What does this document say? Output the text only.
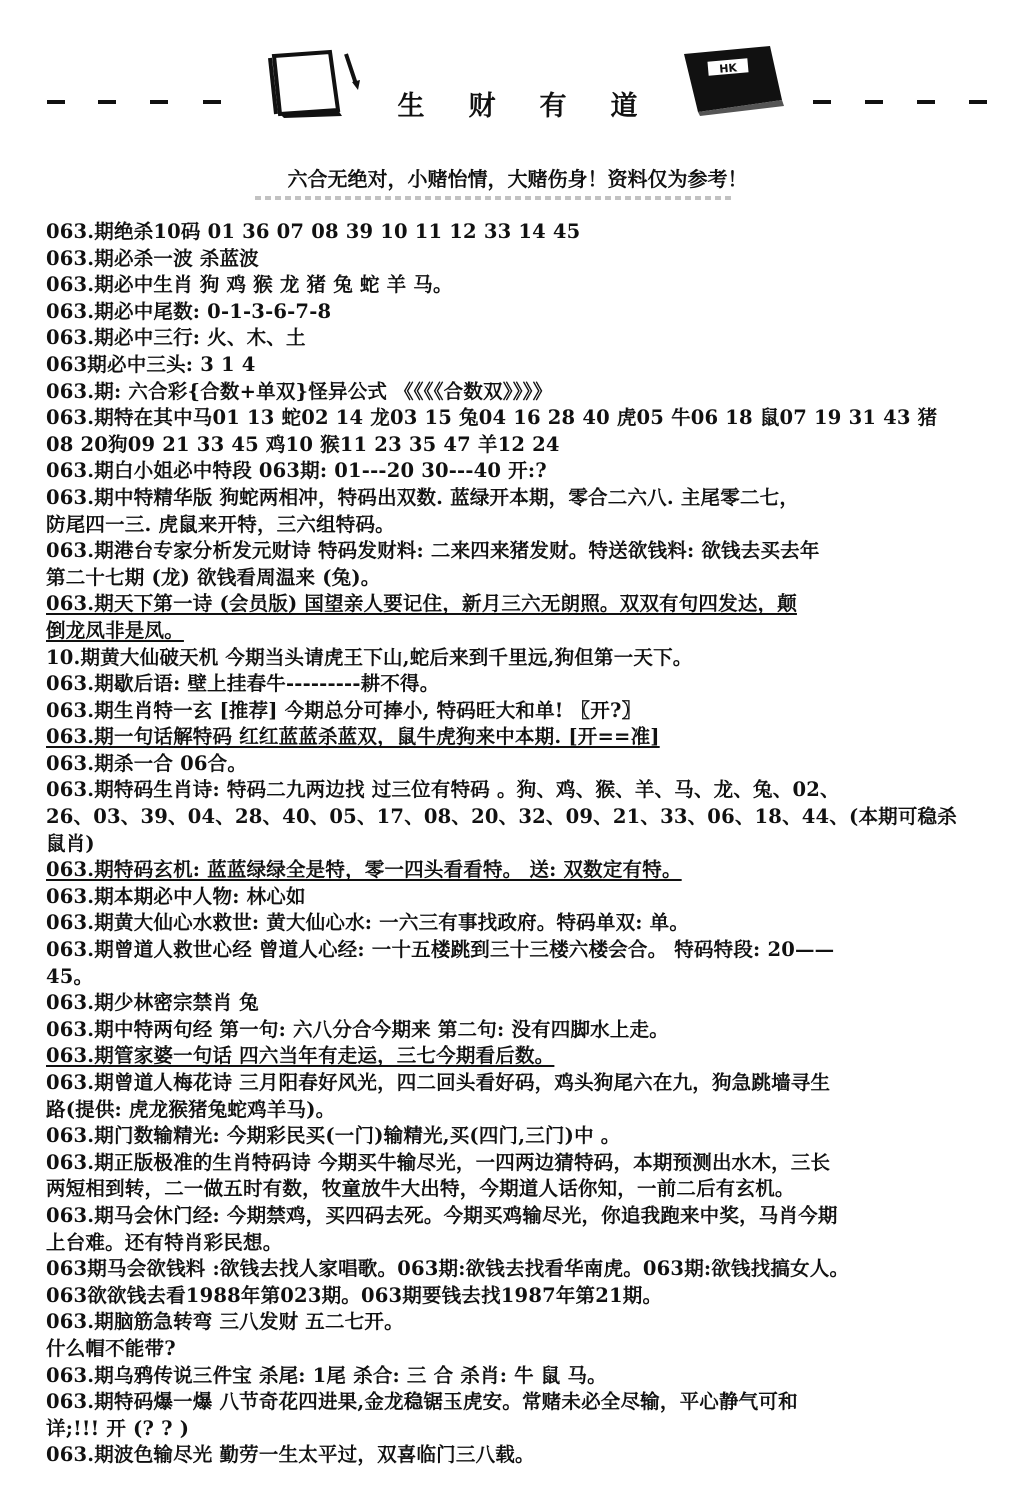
生财有道
HK
六合无绝对，小赌怡情，大赌伤身！资料仅为参考！
063.期绝杀10码 01 36 07 08 39 10 11 12 33 14 45
063.期必杀一波 杀蓝波
063.期必中生肖 狗 鸡 猴 龙 猪 兔 蛇 羊 马。
063.期必中尾数: 0-1-3-6-7-8
063.期必中三行: 火、木、土
063期必中三头: 3 1 4
063.期: 六合彩{合数+单双}怪异公式 《《《《合数双》》》》
063.期特在其中马01 13 蛇02 14 龙03 15 兔04 16 28 40 虎05 牛06 18 鼠07 19 31 43 猪
08 20狗09 21 33 45 鸡10 猴11 23 35 47 羊12 24
063.期白小姐必中特段 063期: 01---20 30---40 开:?
063.期中特精华版 狗蛇两相冲，特码出双数. 蓝绿开本期，零合二六八. 主尾零二七，
防尾四一三. 虎鼠来开特，三六组特码。
063.期港台专家分析发元财诗 特码发财料: 二来四来猪发财。特送欲钱料: 欲钱去买去年
第二十七期 (龙) 欲钱看周温来 (兔)。
063.期天下第一诗 (会员版) 国望亲人要记住，新月三六无朗照。双双有句四发达，颠
倒龙凤非是凤。
10.期黄大仙破天机 今期当头请虎王下山,蛇后来到千里远,狗但第一天下。
063.期歇后语: 壁上挂春牛---------耕不得。
063.期生肖特一玄 [推荐] 今期总分可捧小, 特码旺大和单! 〖开?〗
063.期一句话解特码 红红蓝蓝杀蓝双，鼠牛虎狗来中本期. [开==准]
063.期杀一合 06合。
063.期特码生肖诗: 特码二九两边找 过三位有特码 。狗、鸡、猴、羊、马、龙、兔、02、
26、03、39、04、28、40、05、17、08、20、32、09、21、33、06、18、44、(本期可稳杀
鼠肖)
063.期特码玄机: 蓝蓝绿绿全是特，零一四头看看特。 送: 双数定有特。
063.期本期必中人物: 林心如
063.期黄大仙心水救世: 黄大仙心水: 一六三有事找政府。特码单双: 单。
063.期曾道人救世心经 曾道人心经: 一十五楼跳到三十三楼六楼会合。 特码特段: 20——
45。
063.期少林密宗禁肖 兔
063.期中特两句经 第一句: 六八分合今期来 第二句: 没有四脚水上走。
063.期管家婆一句话 四六当年有走运，三七今期看后数。
063.期曾道人梅花诗 三月阳春好风光，四二回头看好码，鸡头狗尾六在九，狗急跳墙寻生
路(提供: 虎龙猴猪兔蛇鸡羊马)。
063.期门数输精光: 今期彩民买(一门)输精光,买(四门,三门)中 。
063.期正版极准的生肖特码诗 今期买牛输尽光，一四两边猜特码，本期预测出水木，三长
两短相到转，二一做五时有数，牧童放牛大出特，今期道人话你知，一前二后有玄机。
063.期马会休门经: 今期禁鸡，买四码去死。今期买鸡输尽光，你追我跑来中奖，马肖今期
上台难。还有特肖彩民想。
063期马会欲钱料 :欲钱去找人家唱歌。063期:欲钱去找看华南虎。063期:欲钱找搞女人。
063欲欲钱去看1988年第023期。063期要钱去找1987年第21期。
063.期脑筋急转弯 三八发财 五二七开。
什么帽不能带?
063.期乌鸦传说三件宝 杀尾: 1尾 杀合: 三 合 杀肖: 牛 鼠 马。
063.期特码爆一爆 八节奇花四进果,金龙稳锯玉虎安。常赌未必全尽输，平心静气可和
详;!!! 开 (? ? )
063.期波色输尽光 勤劳一生太平过，双喜临门三八载。
